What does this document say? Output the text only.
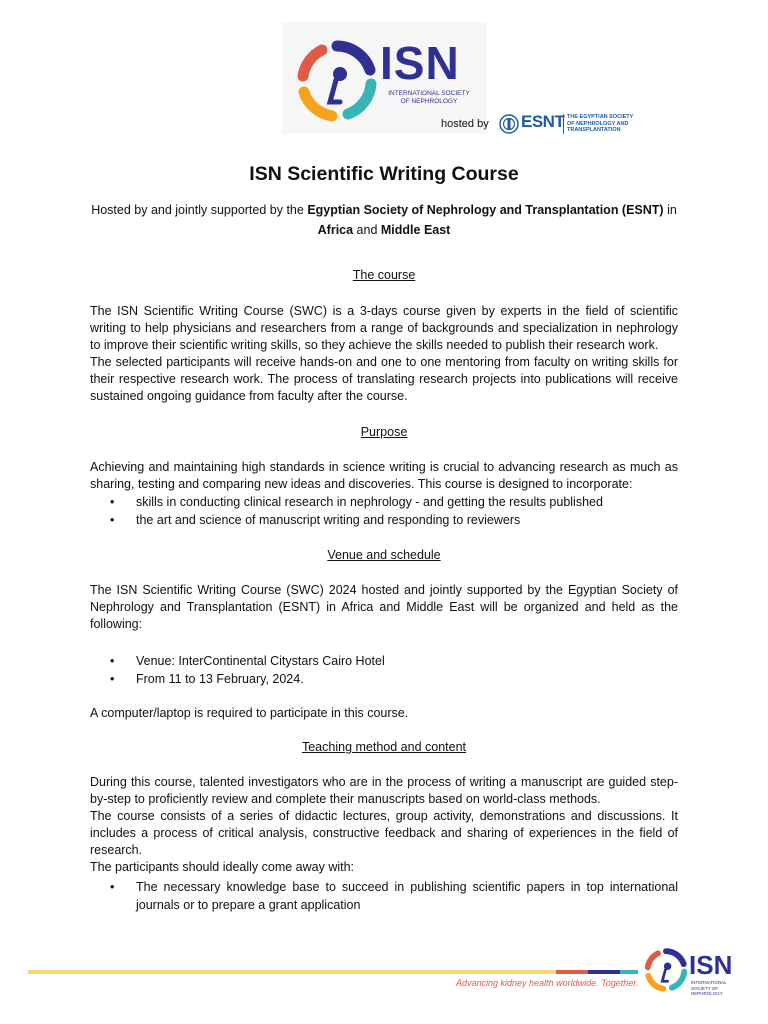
ISN
INTERNATIONAL SOCIETY OF NEPHROLOGY
hosted by ESNT THE EGYPTIAN SOCIETY OF NEPHROLOGY AND TRANSPLANTATION
ISN Scientific Writing Course
Hosted by and jointly supported by the Egyptian Society of Nephrology and Transplantation (ESNT) in Africa and Middle East
The course

The ISN Scientific Writing Course (SWC) is a 3-days course given by experts in the field of scientific writing to help physicians and researchers from a range of backgrounds and specialization in nephrology to improve their scientific writing skills, so they achieve the skills needed to publish their research work.

The selected participants will receive hands-on and one to one mentoring from faculty on writing skills for their respective research work. The process of translating research projects into publications will receive sustained ongoing guidance from faculty after the course.

Purpose

Achieving and maintaining high standards in science writing is crucial to advancing research as much as sharing, testing and comparing new ideas and discoveries. This course is designed to incorporate:

• skills in conducting clinical research in nephrology - and getting the results published
• the art and science of manuscript writing and responding to reviewers
Venue and schedule

The ISN Scientific Writing Course (SWC) 2024 hosted and jointly supported by the Egyptian Society of Nephrology and Transplantation (ESNT) in Africa and Middle East will be organized and held as the following:

• Venue: InterContinental Citystars Cairo Hotel
• From 11 to 13 February, 2024.
A computer/laptop is required to participate in this course.
Teaching method and content

During this course, talented investigators who are in the process of writing a manuscript are guided step-by-step to proficiently review and complete their manuscripts based on world-class methods.

The course consists of a series of didactic lectures, group activity, demonstrations and discussions. It includes a process of critical analysis, constructive feedback and sharing of experiences in the field of research.

The participants should ideally come away with:

• The necessary knowledge base to succeed in publishing scientific papers in top international journals or to prepare a grant application
Advancing kidney health worldwide. Together.
ISN
INTERNATIONAL SOCIETY OF NEPHROLOGY
